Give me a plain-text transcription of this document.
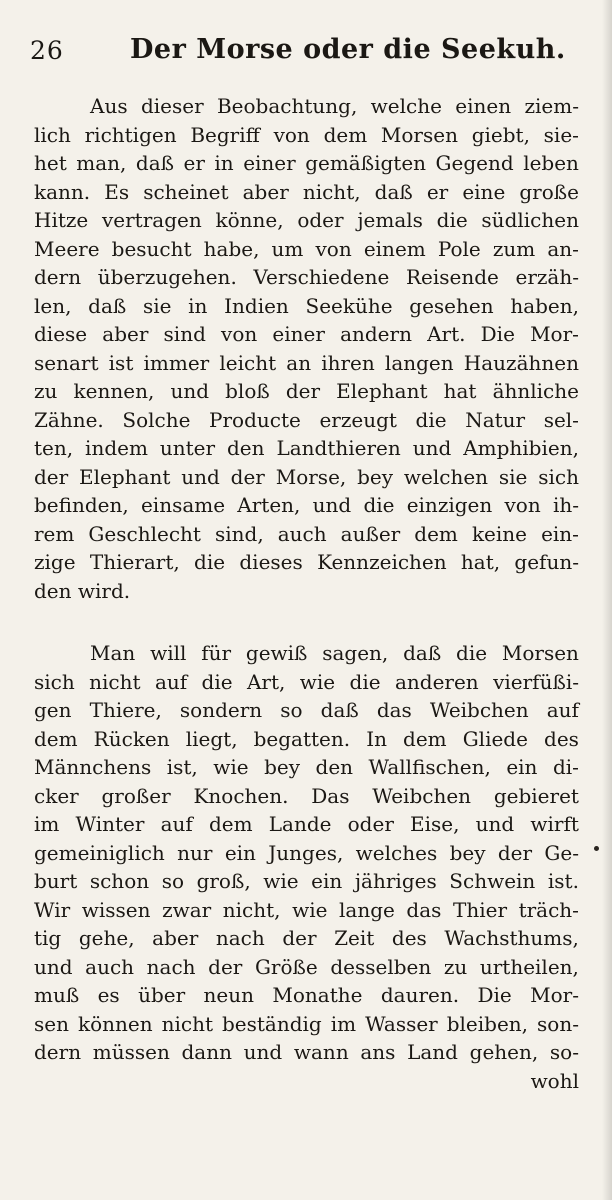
26 Der Morse oder die Seekuh.
Aus dieser Beobachtung, welche einen ziem-
lich richtigen Begriff von dem Morsen giebt, sie-
het man, daß er in einer gemäßigten Gegend leben
kann. Es scheinet aber nicht, daß er eine große
Hitze vertragen könne, oder jemals die südlichen
Meere besucht habe, um von einem Pole zum an-
dern überzugehen. Verschiedene Reisende erzäh-
len, daß sie in Indien Seekühe gesehen haben,
diese aber sind von einer andern Art. Die Mor-
senart ist immer leicht an ihren langen Hauzähnen
zu kennen, und bloß der Elephant hat ähnliche
Zähne. Solche Producte erzeugt die Natur sel-
ten, indem unter den Landthieren und Amphibien,
der Elephant und der Morse, bey welchen sie sich
befinden, einsame Arten, und die einzigen von ih-
rem Geschlecht sind, auch außer dem keine ein-
zige Thierart, die dieses Kennzeichen hat, gefun-
den wird.
Man will für gewiß sagen, daß die Morsen
sich nicht auf die Art, wie die anderen vierfüßi-
gen Thiere, sondern so daß das Weibchen auf
dem Rücken liegt, begatten. In dem Gliede des
Männchens ist, wie bey den Wallfischen, ein di-
cker großer Knochen. Das Weibchen gebieret
im Winter auf dem Lande oder Eise, und wirft
gemeiniglich nur ein Junges, welches bey der Ge-
burt schon so groß, wie ein jähriges Schwein ist.
Wir wissen zwar nicht, wie lange das Thier träch-
tig gehe, aber nach der Zeit des Wachsthums,
und auch nach der Größe desselben zu urtheilen,
muß es über neun Monathe dauren. Die Mor-
sen können nicht beständig im Wasser bleiben, son-
dern müssen dann und wann ans Land gehen, so-
wohl
